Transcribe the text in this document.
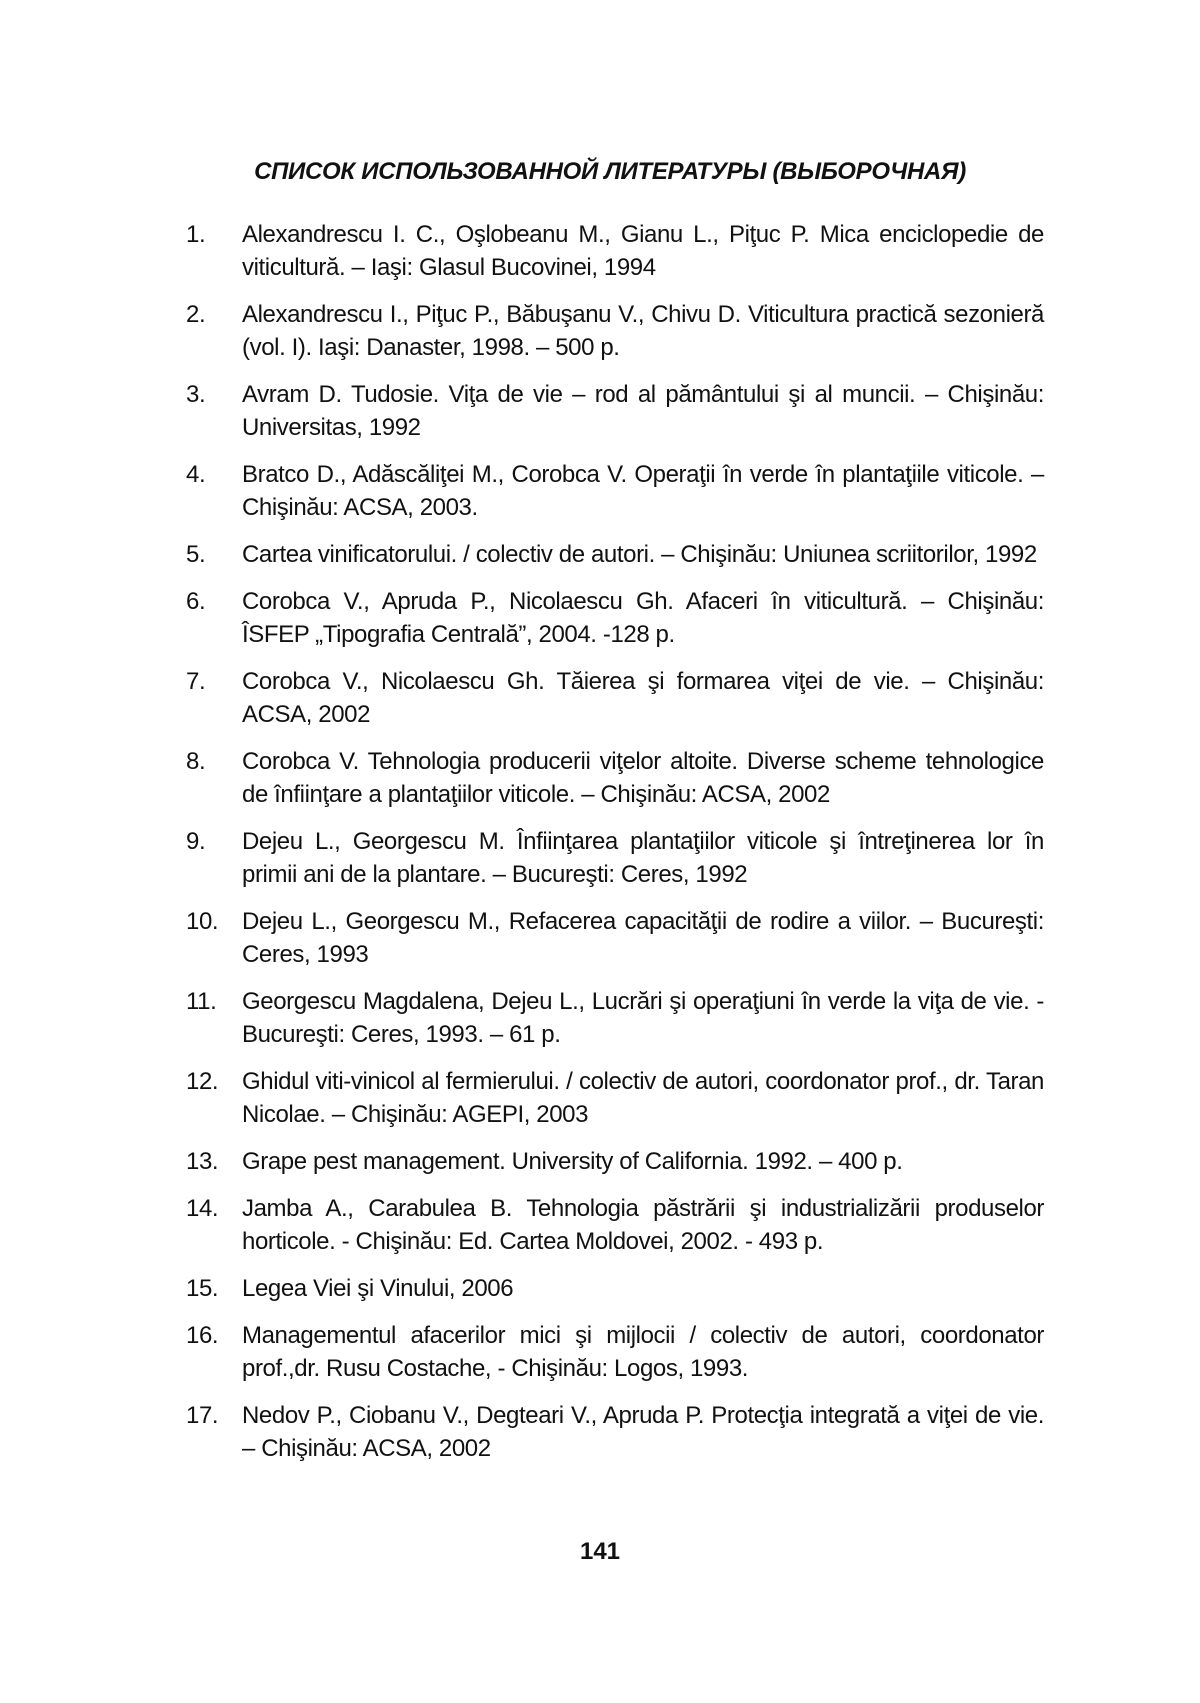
СПИСОК ИСПОЛЬЗОВАННОЙ ЛИТЕРАТУРЫ (ВЫБОРОЧНАЯ)
1. Alexandrescu I. C., Oşlobeanu M., Gianu L., Piţuc P. Mica enciclopedie de viticultură. – Iaşi: Glasul Bucovinei, 1994
2. Alexandrescu I., Piţuc P., Băbuşanu V., Chivu D. Viticultura practică sezonieră (vol. I). Iaşi: Danaster, 1998. – 500 p.
3. Avram D. Tudosie. Viţa de vie – rod al pământului şi al muncii. – Chişinău: Universitas, 1992
4. Bratco D., Adăscăliţei M., Corobca V. Operaţii în verde în plantaţiile viticole. –Chişinău: ACSA, 2003.
5. Cartea vinificatorului. / colectiv de autori. – Chişinău: Uniunea scriitorilor, 1992
6. Corobca V., Apruda P., Nicolaescu Gh. Afaceri în viticultură. – Chişinău: ÎSFEP „Tipografia Centrală”, 2004. -128 p.
7. Corobca V., Nicolaescu Gh. Tăierea şi formarea viţei de vie. – Chişinău: ACSA, 2002
8. Corobca V. Tehnologia producerii viţelor altoite. Diverse scheme tehnologice de înfiinţare a plantaţiilor viticole. – Chişinău: ACSA, 2002
9. Dejeu L., Georgescu M. Înfiinţarea plantaţiilor viticole şi întreţinerea lor în primii ani de la plantare. – Bucureşti: Ceres, 1992
10. Dejeu L., Georgescu M., Refacerea capacităţii de rodire a viilor. – Bucureşti: Ceres, 1993
11. Georgescu Magdalena, Dejeu L., Lucrări şi operaţiuni în verde la viţa de vie. - Bucureşti: Ceres, 1993. – 61 p.
12. Ghidul viti-vinicol al fermierului. / colectiv de autori, coordonator prof., dr. Taran Nicolae. – Chişinău: AGEPI, 2003
13. Grape pest management. University of California. 1992. – 400 p.
14. Jamba A., Carabulea B. Tehnologia păstrării şi industrializării produselor horticole. - Chişinău: Ed. Cartea Moldovei, 2002. - 493 p.
15. Legea Viei şi Vinului, 2006
16. Managementul afacerilor mici şi mijlocii / colectiv de autori, coordonator prof.,dr. Rusu Costache, - Chişinău: Logos, 1993.
17. Nedov P., Ciobanu V., Degteari V., Apruda P. Protecţia integrată a viţei de vie. – Chişinău: ACSA, 2002
141
